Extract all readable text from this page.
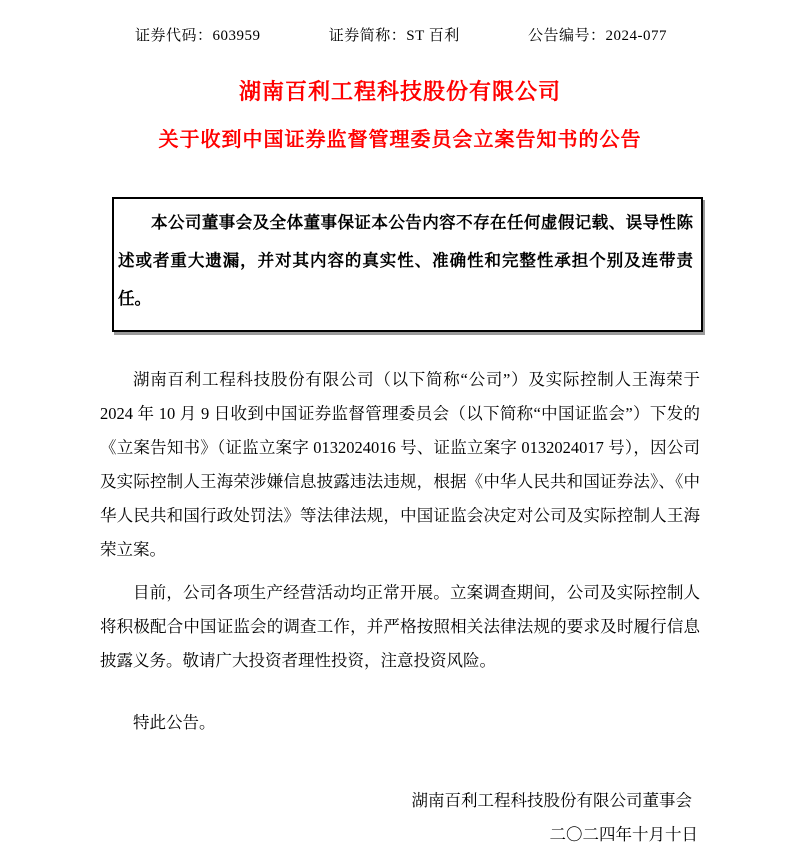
证券代码：603959	证券简称：ST 百利	公告编号：2024-077
湖南百利工程科技股份有限公司
关于收到中国证券监督管理委员会立案告知书的公告

本公司董事会及全体董事保证本公告内容不存在任何虚假记载、误导性陈述或者重大遗漏，并对其内容的真实性、准确性和完整性承担个别及连带责任。

湖南百利工程科技股份有限公司（以下简称“公司”）及实际控制人王海荣于2024 年 10 月 9 日收到中国证券监督管理委员会（以下简称“中国证监会”）下发的《立案告知书》（证监立案字 0132024016 号、证监立案字 0132024017 号），因公司及实际控制人王海荣涉嫌信息披露违法违规，根据《中华人民共和国证券法》、《中华人民共和国行政处罚法》等法律法规，中国证监会决定对公司及实际控制人王海荣立案。

目前，公司各项生产经营活动均正常开展。立案调查期间，公司及实际控制人将积极配合中国证监会的调查工作，并严格按照相关法律法规的要求及时履行信息披露义务。敬请广大投资者理性投资，注意投资风险。

特此公告。

湖南百利工程科技股份有限公司董事会
二〇二四年十月十日
